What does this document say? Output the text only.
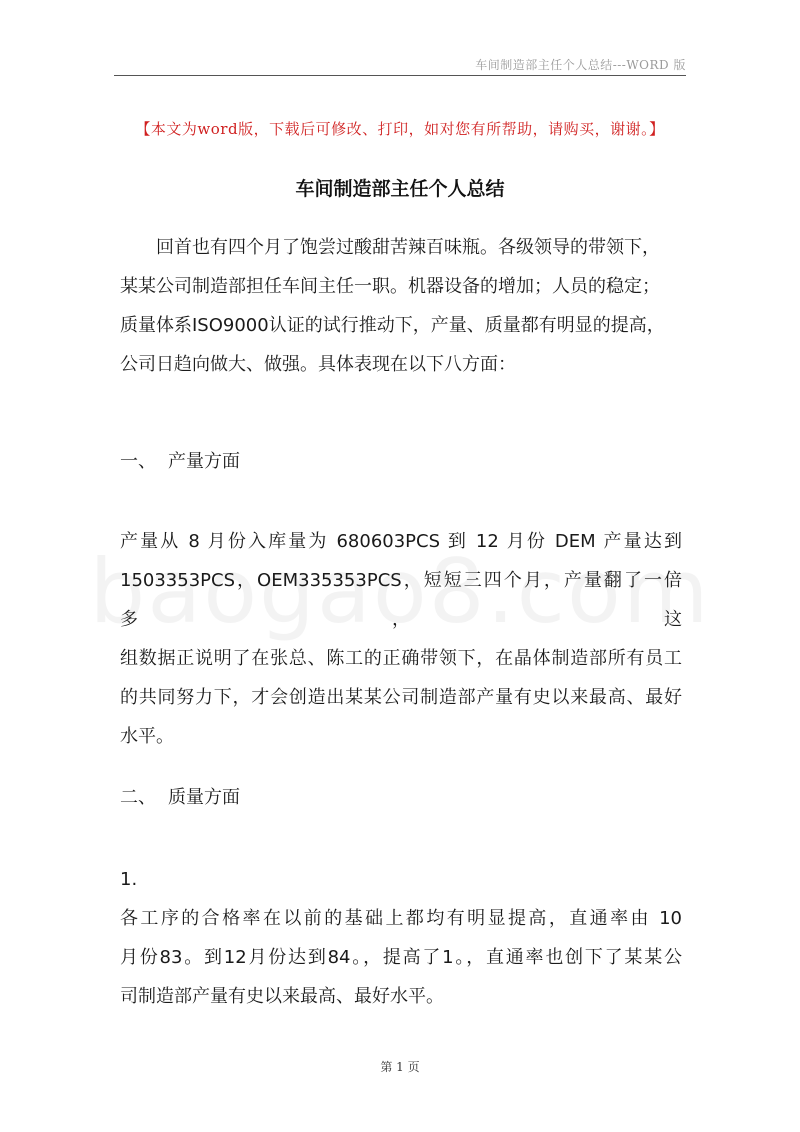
车间制造部主任个人总结---WORD 版
【本文为word版，下载后可修改、打印，如对您有所帮助，请购买，谢谢。】
车间制造部主任个人总结
回首也有四个月了饱尝过酸甜苦辣百味瓶。各级领导的带领下，
某某公司制造部担任车间主任一职。机器设备的增加；人员的稳定；
质量体系ISO9000认证的试行推动下，产量、质量都有明显的提高，
公司日趋向做大、做强。具体表现在以下八方面：
一、 产量方面
产量从 8 月份入库量为 680603PCS 到 12 月份 DEM 产量达到
1503353PCS，OEM335353PCS，短短三四个月，产量翻了一倍多，这
组数据正说明了在张总、陈工的正确带领下，在晶体制造部所有员工
的共同努力下，才会创造出某某公司制造部产量有史以来最高、最好
水平。
二、 质量方面
1.
各工序的合格率在以前的基础上都均有明显提高，直通率由 10
月份83。到12月份达到84。，提高了1。，直通率也创下了某某公
司制造部产量有史以来最高、最好水平。
第 1 页
